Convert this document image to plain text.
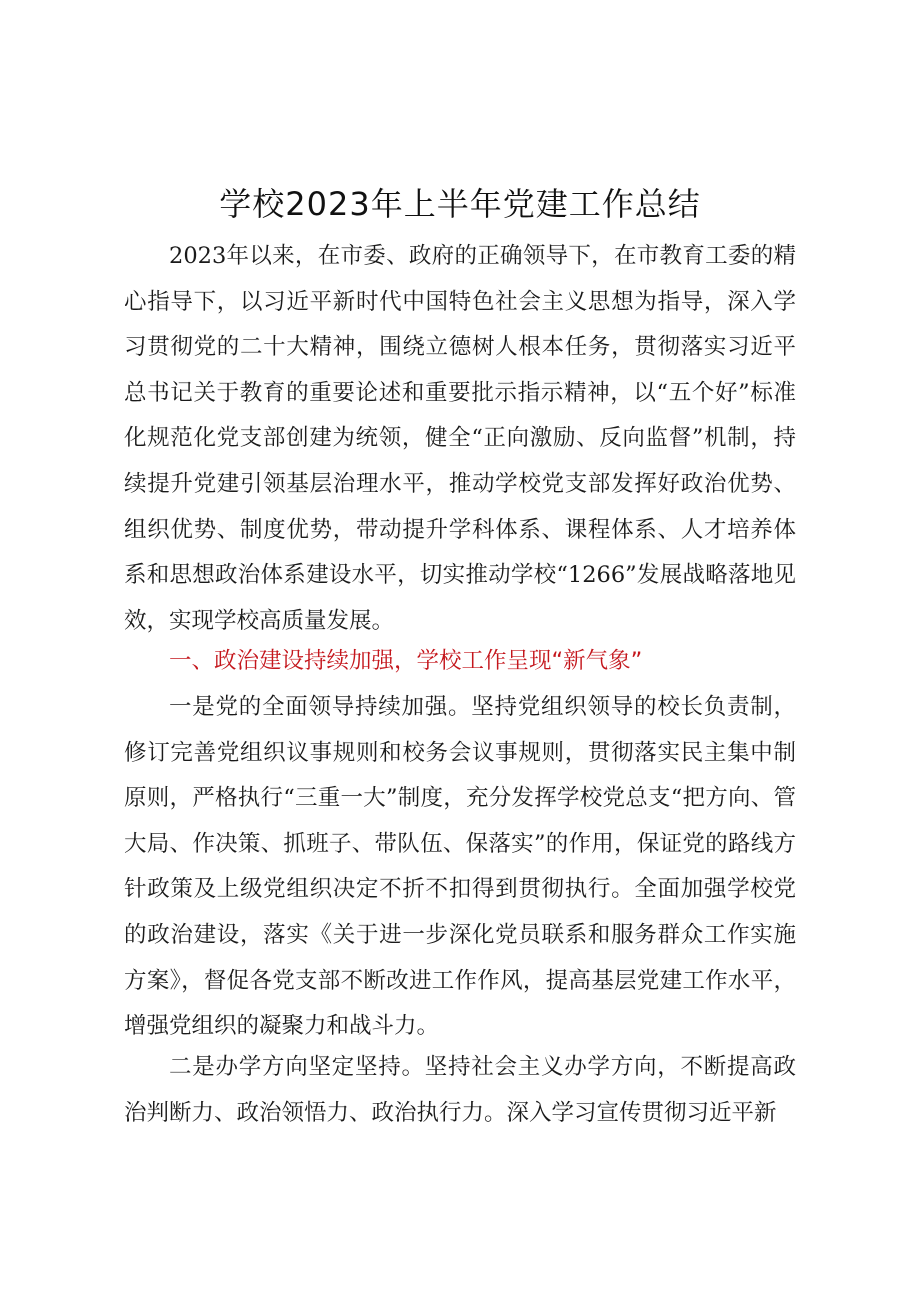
学校2023年上半年党建工作总结

2023年以来，在市委、政府的正确领导下，在市教育工委的精心指导下，以习近平新时代中国特色社会主义思想为指导，深入学习贯彻党的二十大精神，围绕立德树人根本任务，贯彻落实习近平总书记关于教育的重要论述和重要批示指示精神，以“五个好”标准化规范化党支部创建为统领，健全“正向激励、反向监督”机制，持续提升党建引领基层治理水平，推动学校党支部发挥好政治优势、组织优势、制度优势，带动提升学科体系、课程体系、人才培养体系和思想政治体系建设水平，切实推动学校“1266”发展战略落地见效，实现学校高质量发展。

一、政治建设持续加强，学校工作呈现“新气象”

一是党的全面领导持续加强。坚持党组织领导的校长负责制，修订完善党组织议事规则和校务会议事规则，贯彻落实民主集中制原则，严格执行“三重一大”制度，充分发挥学校党总支“把方向、管大局、作决策、抓班子、带队伍、保落实”的作用，保证党的路线方针政策及上级党组织决定不折不扣得到贯彻执行。全面加强学校党的政治建设，落实《关于进一步深化党员联系和服务群众工作实施方案》，督促各党支部不断改进工作作风，提高基层党建工作水平，增强党组织的凝聚力和战斗力。

二是办学方向坚定坚持。坚持社会主义办学方向，不断提高政治判断力、政治领悟力、政治执行力。深入学习宣传贯彻习近平新
